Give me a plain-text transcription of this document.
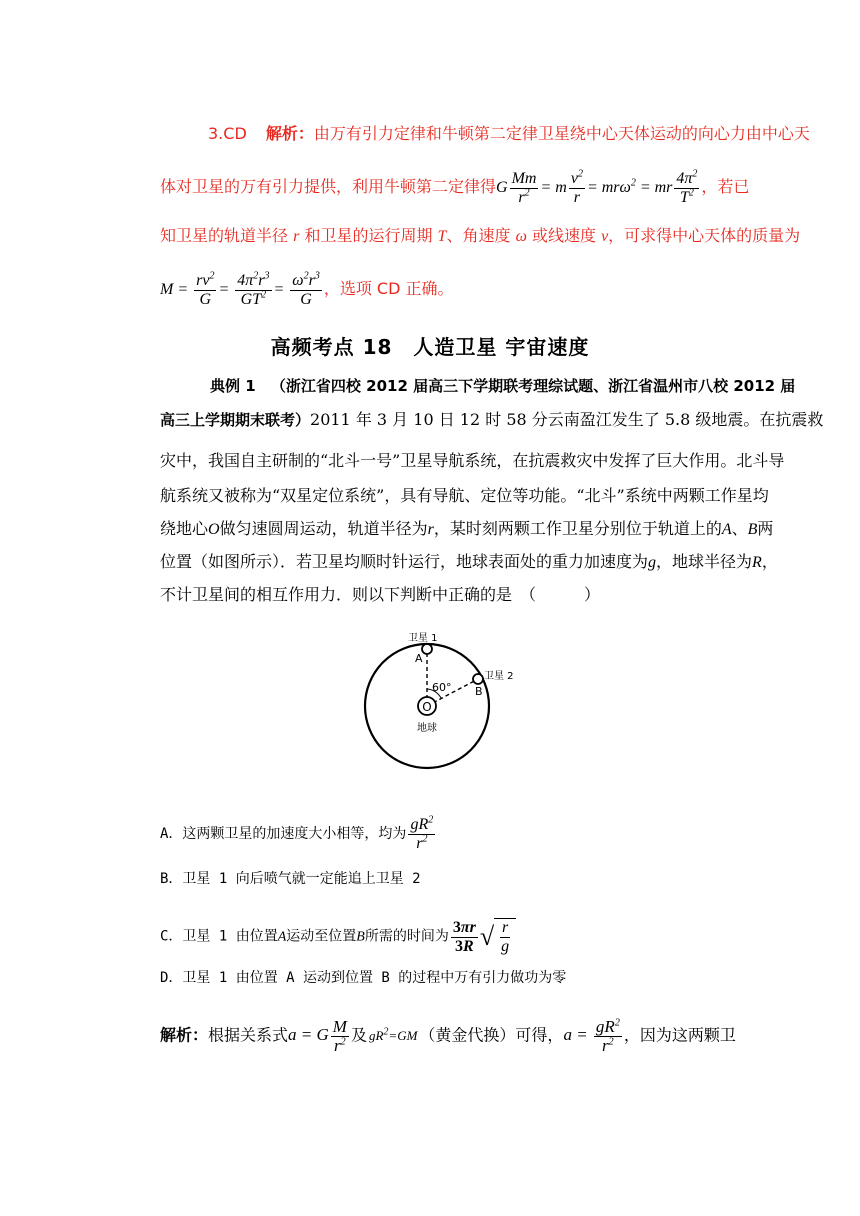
3.CD 解析：由万有引力定律和牛顿第二定律卫星绕中心天体运动的向心力由中心天
体对卫星的万有引力提供，利用牛顿第二定律得G $\frac{Mm}{r^2} = m \frac{v^2}{r} = mr\omega^2$ = mr $\frac{4\pi^2}{T^2}$ ，若已
知卫星的轨道半径 r 和卫星的运行周期 T、角速度 ω 或线速度 v，可求得中心天体的质量为
$M = \frac{rv^2}{G} = \frac{4\pi^2r^3}{GT^2} = \frac{\omega^2r^3}{G}$ ，选项 CD 正确。
高频考点 18　人造卫星 宇宙速度
典例 1 （浙江省四校 2012 届高三下学期联考理综试题、浙江省温州市八校 2012 届
高三上学期期末联考）2011 年 3 月 10 日 12 时 58 分云南盈江发生了 5.8 级地震。在抗震救
灾中，我国自主研制的“北斗一号”卫星导航系统，在抗震救灾中发挥了巨大作用。北斗导
航系统又被称为“双星定位系统”，具有导航、定位等功能。“北斗”系统中两颗工作星均
绕地心O做匀速圆周运动，轨道半径为r，某时刻两颗工作卫星分别位于轨道上的A、B两
位置（如图所示）．若卫星均顺时针运行，地球表面处的重力加速度为g，地球半径为R，
不计卫星间的相互作用力．则以下判断中正确的是　（　　　）
O
地球
卫星 1
卫星 2
A
B
60°
A．这两颗卫星的加速度大小相等，均为 $\frac{gR^2}{r^2}$
B．卫星 1 向后喷气就一定能追上卫星 2
C．卫星 1 由位置A运动至位置B所需的时间为 $\frac{3\pi r}{3R}$ √ $\frac{r}{g}$
D．卫星 1 由位置 A 运动到位置 B 的过程中万有引力做功为零
解析：根据关系式a = G $\frac{M}{r^2}$ 及 $gR^2=GM$ （黄金代换）可得，$a = \frac{gR^2}{r^2}$ ，因为这两颗卫
